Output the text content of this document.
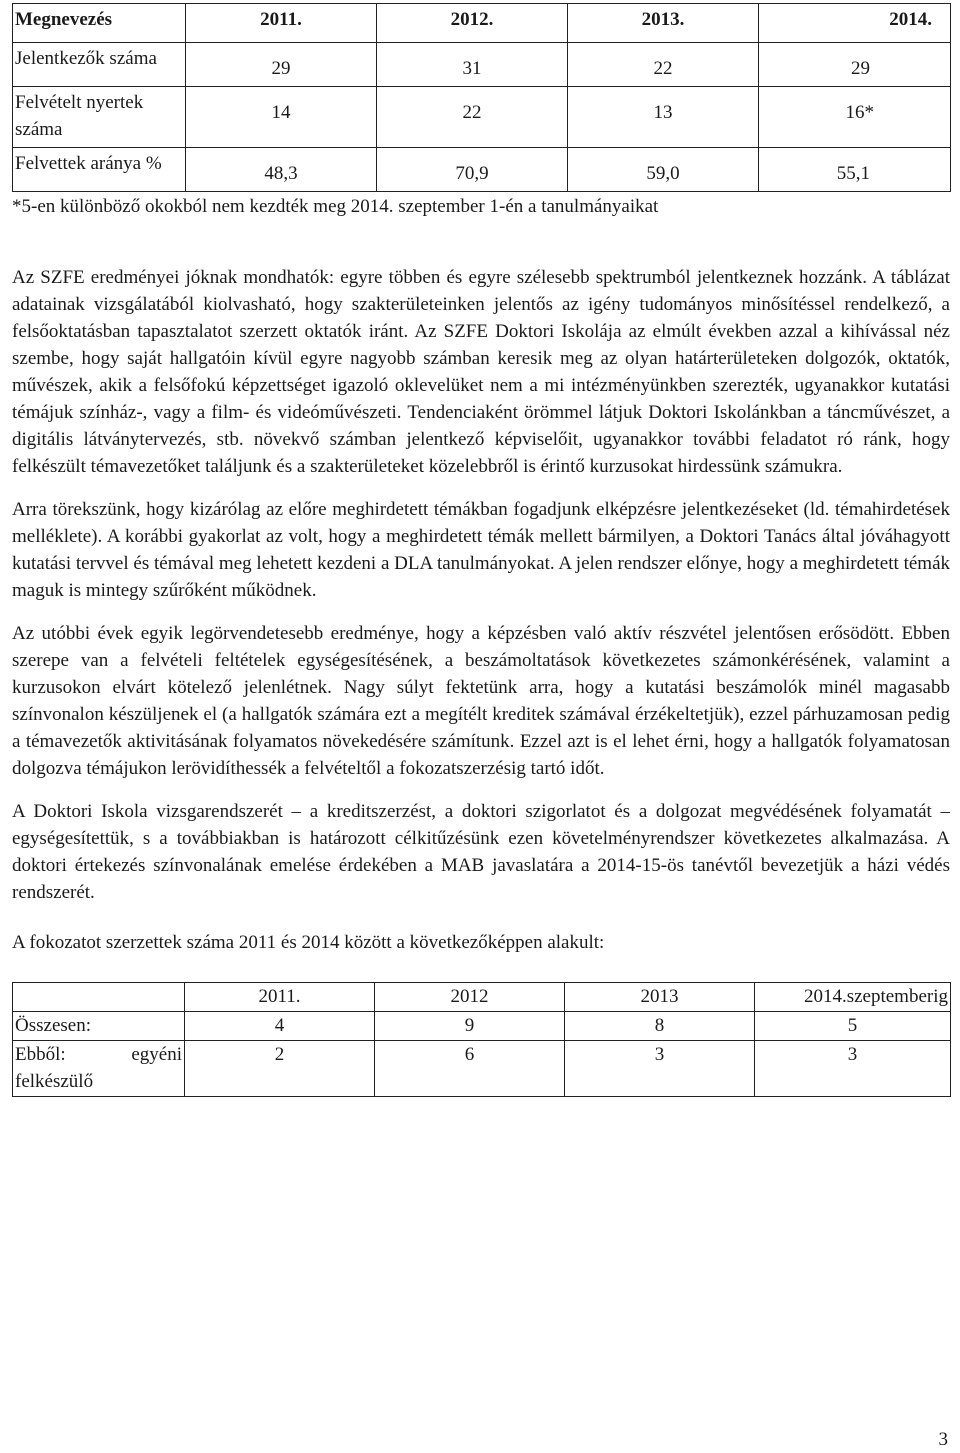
Megnevezés	2011.	2012.	2013.	2014.
Jelentkezők száma	29	31	22	29
Felvételt nyertek száma	14	22	13	16*
Felvettek aránya %	48,3	70,9	59,0	55,1
*5-en különböző okokból nem kezdték meg 2014. szeptember 1-én a tanulmányaikat

Az SZFE eredményei jóknak mondhatók: egyre többen és egyre szélesebb spektrumból jelentkeznek hozzánk. A táblázat adatainak vizsgálatából kiolvasható, hogy szakterületeinken jelentős az igény tudományos minősítéssel rendelkező, a felsőoktatásban tapasztalatot szerzett oktatók iránt. Az SZFE Doktori Iskolája az elmúlt években azzal a kihívással néz szembe, hogy saját hallgatóin kívül egyre nagyobb számban keresik meg az olyan határterületeken dolgozók, oktatók, művészek, akik a felsőfokú képzettséget igazoló oklevelüket nem a mi intézményünkben szerezték, ugyanakkor kutatási témájuk színház-, vagy a film- és videóművészeti. Tendenciaként örömmel látjuk Doktori Iskolánkban a táncművészet, a digitális látványtervezés, stb. növekvő számban jelentkező képviselőit, ugyanakkor további feladatot ró ránk, hogy felkészült témavezetőket találjunk és a szakterületeket közelebbről is érintő kurzusokat hirdessünk számukra.

Arra törekszünk, hogy kizárólag az előre meghirdetett témákban fogadjunk elképzésre jelentkezéseket (ld. témahirdetések melléklete). A korábbi gyakorlat az volt, hogy a meghirdetett témák mellett bármilyen, a Doktori Tanács által jóváhagyott kutatási tervvel és témával meg lehetett kezdeni a DLA tanulmányokat. A jelen rendszer előnye, hogy a meghirdetett témák maguk is mintegy szűrőként működnek.

Az utóbbi évek egyik legörvendetesebb eredménye, hogy a képzésben való aktív részvétel jelentősen erősödött. Ebben szerepe van a felvételi feltételek egységesítésének, a beszámoltatások következetes számonkérésének, valamint a kurzusokon elvárt kötelező jelenlétnek. Nagy súlyt fektetünk arra, hogy a kutatási beszámolók minél magasabb színvonalon készüljenek el (a hallgatók számára ezt a megítélt kreditek számával érzékeltetjük), ezzel párhuzamosan pedig a témavezetők aktivitásának folyamatos növekedésére számítunk. Ezzel azt is el lehet érni, hogy a hallgatók folyamatosan dolgozva témájukon lerövidíthessék a felvételtől a fokozatszerzésig tartó időt.

A Doktori Iskola vizsgarendszerét – a kreditszerzést, a doktori szigorlatot és a dolgozat megvédésének folyamatát – egységesítettük, s a továbbiakban is határozott célkitűzésünk ezen követelményrendszer következetes alkalmazása. A doktori értekezés színvonalának emelése érdekében a MAB javaslatára a 2014-15-ös tanévtől bevezetjük a házi védés rendszerét.

A fokozatot szerzettek száma 2011 és 2014 között a következőképpen alakult:

	2011.	2012	2013	2014.szeptemberig
Összesen:	4	9	8	5

Ebből: egyéni
felkészülő	2	6	3	3
3
